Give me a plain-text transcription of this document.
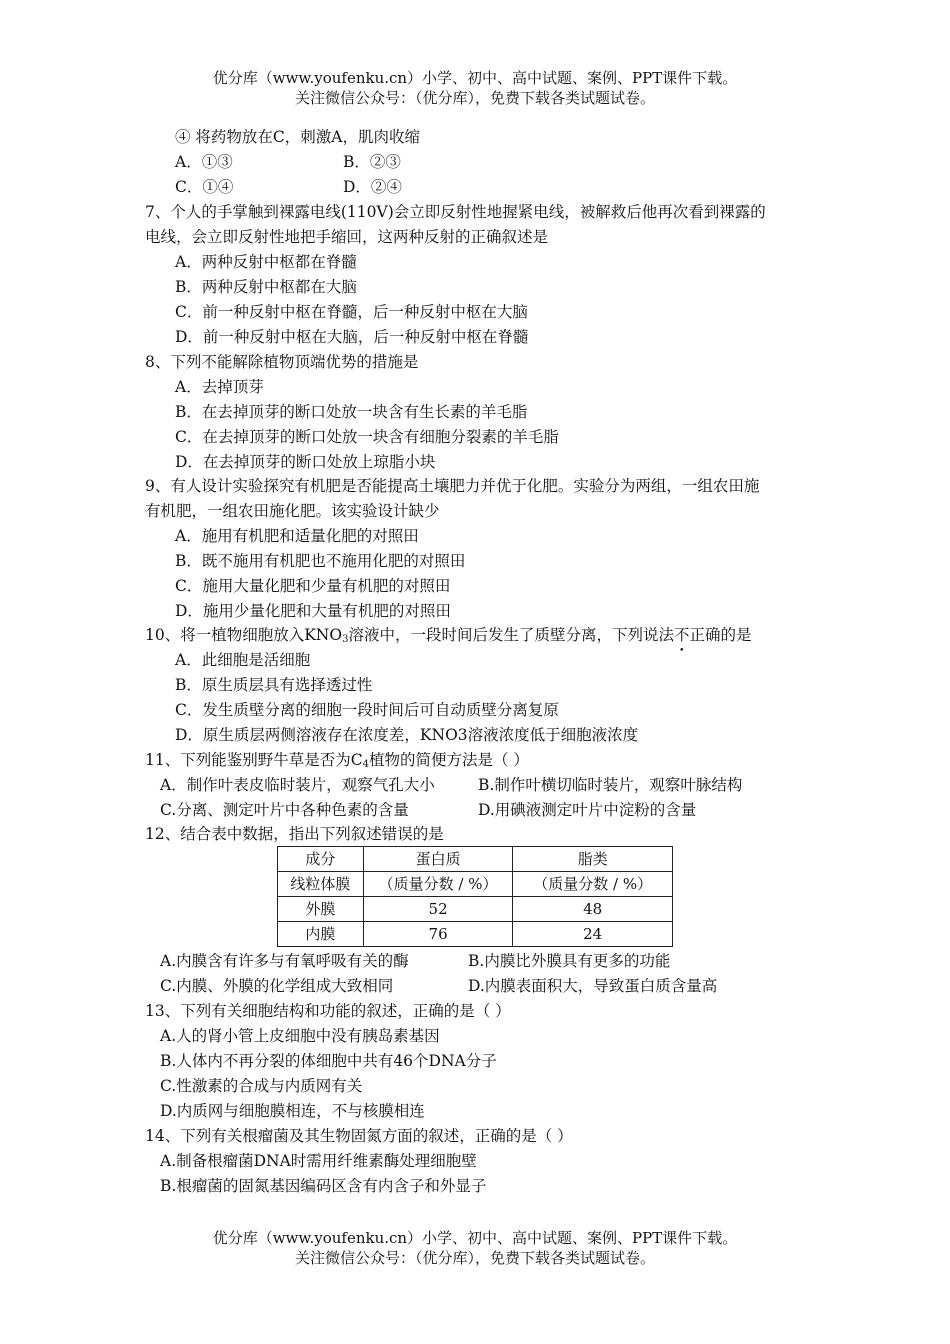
优分库（www.youfenku.cn）小学、初中、高中试题、案例、PPT课件下载。
关注微信公众号：（优分库），免费下载各类试题试卷。
④ 将药物放在C，刺激A，肌肉收缩
A．①③	B．②③
C．①④	D．②④
7、个人的手掌触到裸露电线(110V)会立即反射性地握紧电线，被解救后他再次看到裸露的
电线，会立即反射性地把手缩回，这两种反射的正确叙述是
A．两种反射中枢都在脊髓
B．两种反射中枢都在大脑
C．前一种反射中枢在脊髓，后一种反射中枢在大脑
D．前一种反射中枢在大脑，后一种反射中枢在脊髓
8、下列不能解除植物顶端优势的措施是
A．去掉顶芽
B．在去掉顶芽的断口处放一块含有生长素的羊毛脂
C．在去掉顶芽的断口处放一块含有细胞分裂素的羊毛脂
D．在去掉顶芽的断口处放上琼脂小块
9、有人设计实验探究有机肥是否能提高土壤肥力并优于化肥。实验分为两组，一组农田施
有机肥，一组农田施化肥。该实验设计缺少
A．施用有机肥和适量化肥的对照田
B．既不施用有机肥也不施用化肥的对照田
C．施用大量化肥和少量有机肥的对照田
D．施用少量化肥和大量有机肥的对照田
10、将一植物细胞放入$KNO_3$溶液中，一段时间后发生了质壁分离，下列说法不正确的是
A．此细胞是活细胞
B．原生质层具有选择透过性
C．发生质壁分离的细胞一段时间后可自动质壁分离复原
D．原生质层两侧溶液存在浓度差，KNO3溶液浓度低于细胞液浓度
11、下列能鉴别野牛草是否为$C_4$植物的简便方法是（ ）
A．制作叶表皮临时装片，观察气孔大小	B.制作叶横切临时装片，观察叶脉结构
C.分离、测定叶片中各种色素的含量	D.用碘液测定叶片中淀粉的含量
12、结合表中数据，指出下列叙述错误的是
成分	蛋白质	脂类
线粒体膜	（质量分数 / %）	（质量分数 / %）
外膜	52	48
内膜	76	24
A.内膜含有许多与有氧呼吸有关的酶	B.内膜比外膜具有更多的功能
C.内膜、外膜的化学组成大致相同	D.内膜表面积大，导致蛋白质含量高
13、下列有关细胞结构和功能的叙述，正确的是（ ）
A.人的肾小管上皮细胞中没有胰岛素基因
B.人体内不再分裂的体细胞中共有46个DNA分子
C.性激素的合成与内质网有关
D.内质网与细胞膜相连，不与核膜相连
14、下列有关根瘤菌及其生物固氮方面的叙述，正确的是（ ）
A.制备根瘤菌DNA时需用纤维素酶处理细胞壁
B.根瘤菌的固氮基因编码区含有内含子和外显子
优分库（www.youfenku.cn）小学、初中、高中试题、案例、PPT课件下载。
关注微信公众号：（优分库），免费下载各类试题试卷。
